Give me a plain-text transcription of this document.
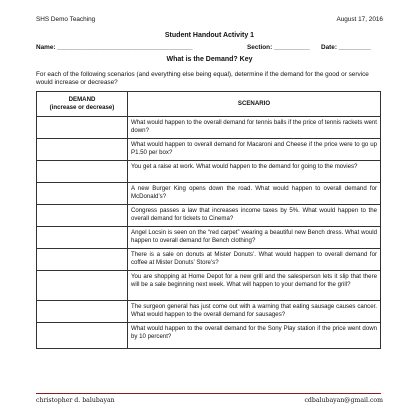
SHS Demo Teaching	August 17, 2016
Student Handout Activity 1
Name: ______________________________________	Section: __________ Date: _________
What is the Demand? Key
For each of the following scenarios (and everything else being equal), determine if the demand for the good or service would increase or decrease?
DEMAND
(increase or decrease)	SCENARIO
	What would happen to the overall demand for tennis balls if the price of tennis rackets went down?
	What would happen to overall demand for Macaroni and Cheese if the price were to go up P1.50 per box?
	You get a raise at work. What would happen to the demand for going to the movies?
	A new Burger King opens down the road. What would happen to overall demand for McDonald’s?
	Congress passes a law that increases income taxes by 5%. What would happen to the overall demand for tickets to Cinema?
	Angel Locsin is seen on the “red carpet” wearing a beautiful new Bench dress. What would happen to overall demand for Bench clothing?
	There is a sale on donuts at Mister Donuts’. What would happen to overall demand for coffee at Mister Donuts’ Store’s?
	You are shopping at Home Depot for a new grill and the salesperson lets it slip that there will be a sale beginning next week. What will happen to your demand for the grill?
	The surgeon general has just come out with a warning that eating sausage causes cancer. What would happen to the overall demand for sausages?
	What would happen to the overall demand for the Sony Play station if the price went down by 10 percent?
christopher d. balubayan	cdbalubayan@gmail.com
